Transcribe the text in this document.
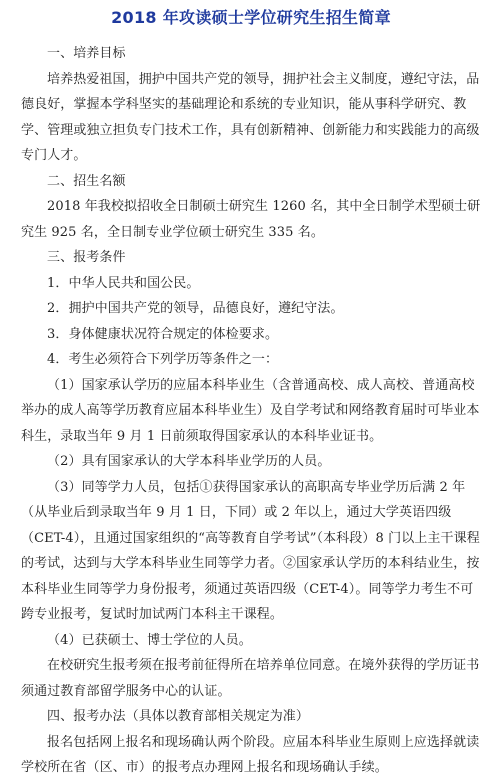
2018 年攻读硕士学位研究生招生简章

一、培养目标

培养热爱祖国，拥护中国共产党的领导，拥护社会主义制度，遵纪守法，品德良好，掌握本学科坚实的基础理论和系统的专业知识，能从事科学研究、教学、管理或独立担负专门技术工作，具有创新精神、创新能力和实践能力的高级专门人才。

二、招生名额

2018 年我校拟招收全日制硕士研究生 1260 名，其中全日制学术型硕士研究生 925 名，全日制专业学位硕士研究生 335 名。

三、报考条件

1．中华人民共和国公民。

2．拥护中国共产党的领导，品德良好，遵纪守法。

3．身体健康状况符合规定的体检要求。

4．考生必须符合下列学历等条件之一：

（1）国家承认学历的应届本科毕业生（含普通高校、成人高校、普通高校举办的成人高等学历教育应届本科毕业生）及自学考试和网络教育届时可毕业本科生，录取当年 9 月 1 日前须取得国家承认的本科毕业证书。

（2）具有国家承认的大学本科毕业学历的人员。

（3）同等学力人员，包括①获得国家承认的高职高专毕业学历后满 2 年（从毕业后到录取当年 9 月 1 日，下同）或 2 年以上，通过大学英语四级（CET-4），且通过国家组织的“高等教育自学考试”（本科段）8 门以上主干课程的考试，达到与大学本科毕业生同等学力者。②国家承认学历的本科结业生，按本科毕业生同等学力身份报考，须通过英语四级（CET-4）。同等学力考生不可跨专业报考，复试时加试两门本科主干课程。

（4）已获硕士、博士学位的人员。

在校研究生报考须在报考前征得所在培养单位同意。在境外获得的学历证书须通过教育部留学服务中心的认证。

四、报考办法（具体以教育部相关规定为准）

报名包括网上报名和现场确认两个阶段。应届本科毕业生原则上应选择就读学校所在省（区、市）的报考点办理网上报名和现场确认手续。
